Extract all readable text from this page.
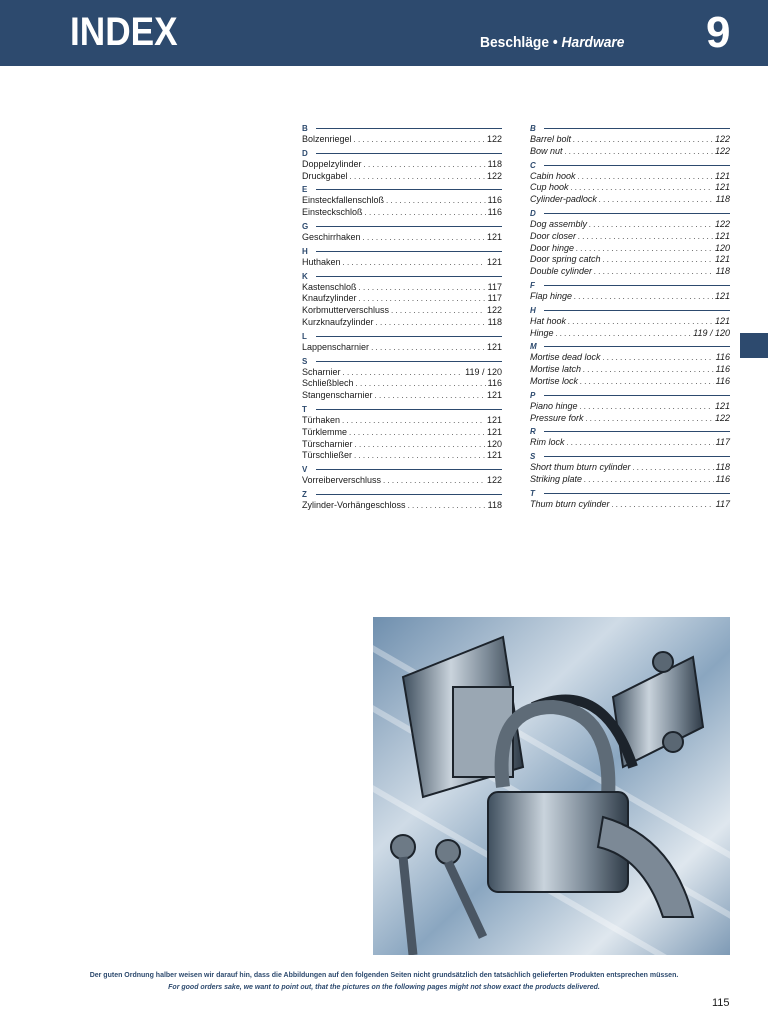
INDEX	Beschläge • Hardware 9
B
Bolzenriegel . . .	122
D
Doppelzylinder . . .	118
Druckgabel . . .	122
E
Einsteckfallenschloß . . .	116
Einsteckschloß . . .	116
G
Geschirrhaken . . .	121
H
Huthaken . . .	121
K
Kastenschloß . . .	117
Knaufzylinder . . .	117
Korbmutterverschluss . . .	122
Kurzknaufzylinder . . .	118
L
Lappenscharnier . . .	121
S
Scharnier . . .	119 / 120
Schließblech . . .	116
Stangenscharnier . . .	121
T
Türhaken . . .	121
Türklemme . . .	121
Türscharnier . . .	120
Türschließer . . .	121
V
Vorreiberverschluss . . .	122
Z
Zylinder-Vorhängeschloss . . .	118
B
Barrel bolt . . .	122
Bow nut . . .	122
C
Cabin hook . . .	121
Cup hook . . .	121
Cylinder-padlock . . .	118
D
Dog assembly . . .	122
Door closer . . .	121
Door hinge . . .	120
Door spring catch . . .	121
Double cylinder . . .	118
F
Flap hinge . . .	121
H
Hat hook . . .	121
Hinge . . .	119 / 120
M
Mortise dead lock . . .	116
Mortise latch . . .	116
Mortise lock . . .	116
P
Piano hinge . . .	121
Pressure fork . . .	122
R
Rim lock . . .	117
S
Short thum bturn cylinder . . .	118
Striking plate . . .	116
T
Thum bturn cylinder . . .	117
Der guten Ordnung halber weisen wir darauf hin, dass die Abbildungen auf den folgenden Seiten nicht grundsätzlich den tatsächlich gelieferten Produkten entsprechen müssen.
For good orders sake, we want to point out, that the pictures on the following pages might not show exact the products delivered.
115
